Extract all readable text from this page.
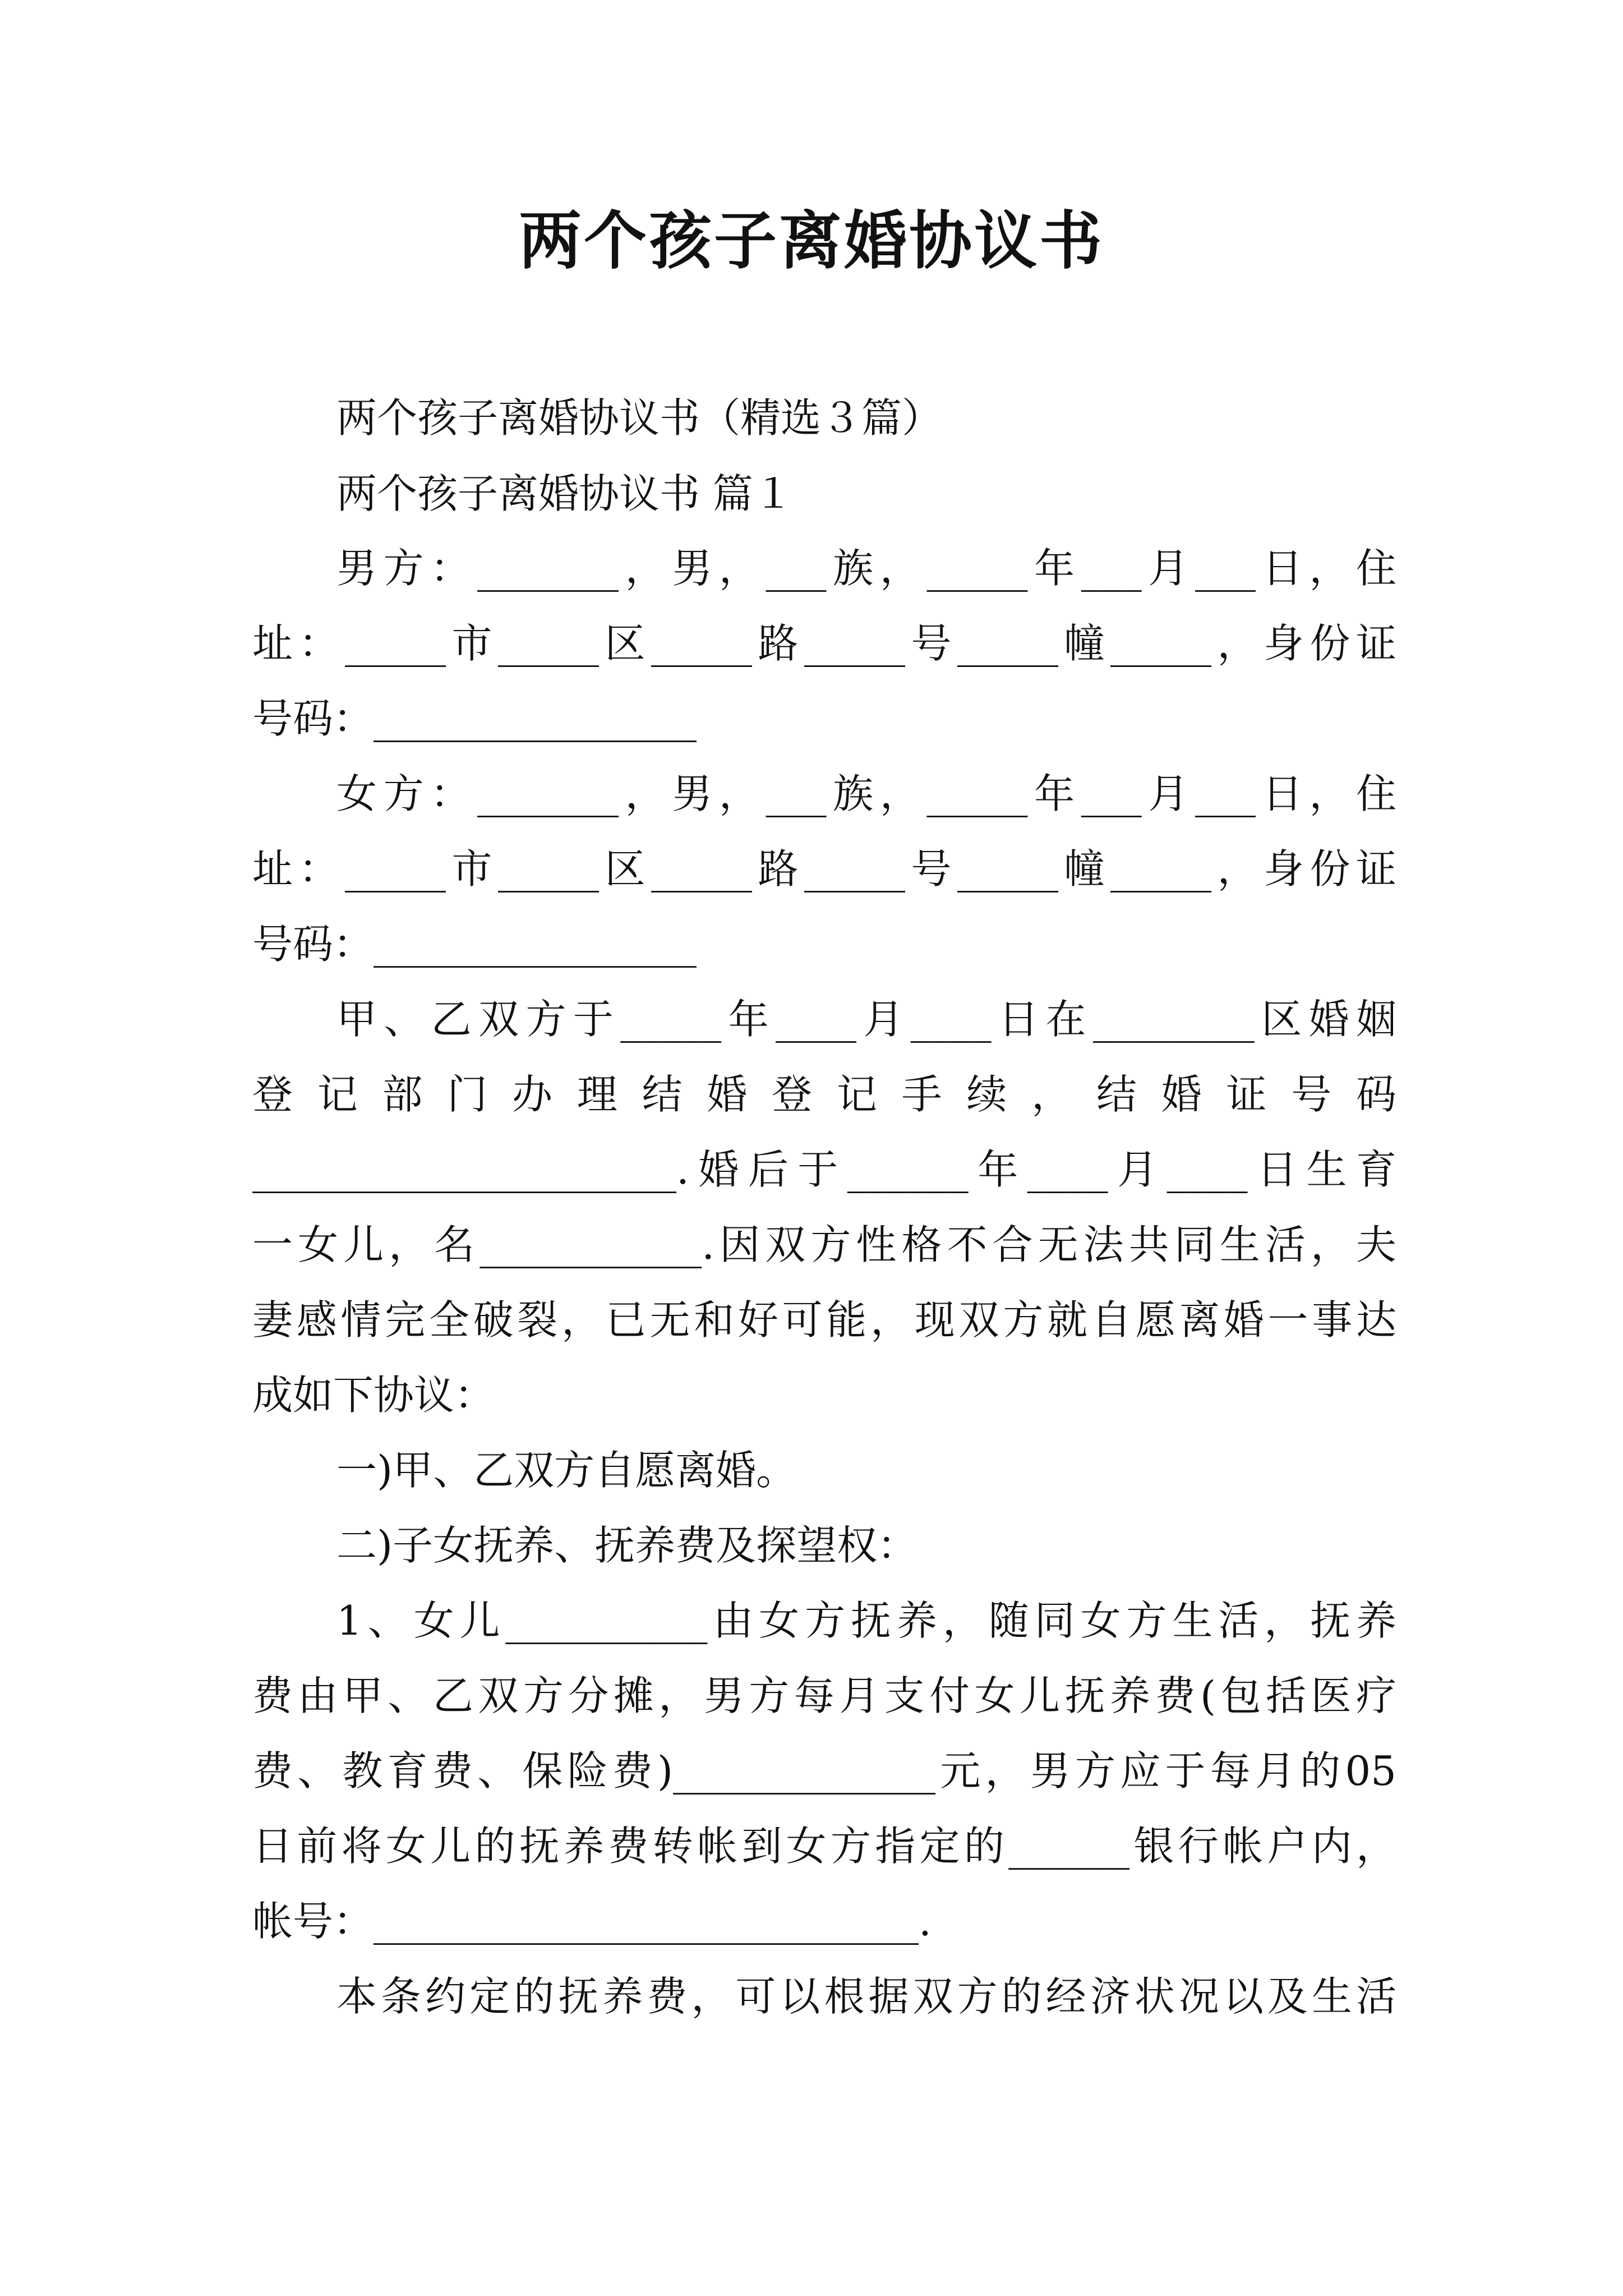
两个孩子离婚协议书
两个孩子离婚协议书（精选３篇）
两个孩子离婚协议书 篇１
男方：_______，男，___族，_____年___月___日，住
址：_____市_____区_____路_____号_____幢_____，身份证
号码：________________
女方：_______，男，___族，_____年___月___日，住
址：_____市_____区_____路_____号_____幢_____，身份证
号码：________________
甲、乙双方于_____年____月____日在________区婚姻
登 记 部 门 办 理 结 婚 登 记 手 续 ， 结 婚 证 号 码
_____________________.婚后于______年____月____日生育
一女儿，名___________.因双方性格不合无法共同生活，夫
妻感情完全破裂，已无和好可能，现双方就自愿离婚一事达
成如下协议：
一)甲、乙双方自愿离婚。
二)子女抚养、抚养费及探望权：
1、女儿__________由女方抚养，随同女方生活，抚养
费由甲、乙双方分摊，男方每月支付女儿抚养费(包括医疗
费、教育费、保险费)_____________元，男方应于每月的05
日前将女儿的抚养费转帐到女方指定的______银行帐户内，
帐号：___________________________.
本条约定的抚养费，可以根据双方的经济状况以及生活
